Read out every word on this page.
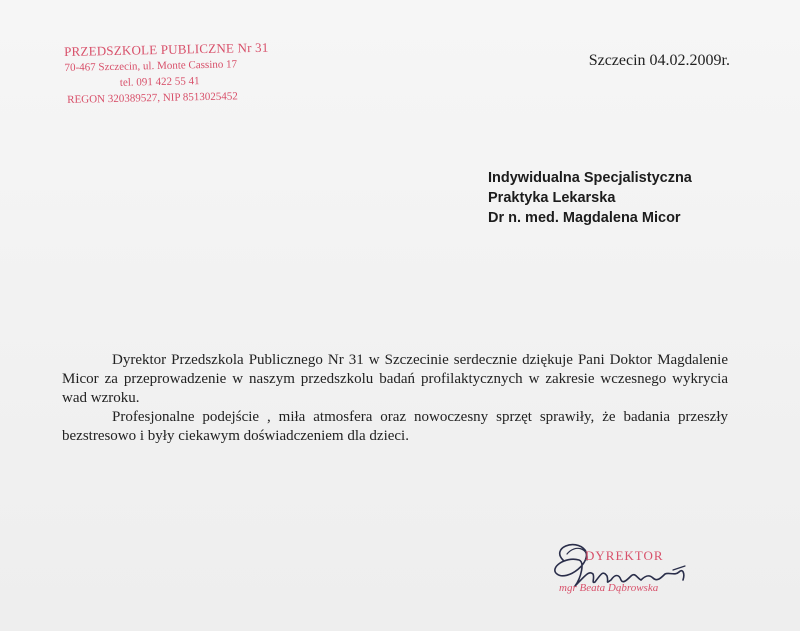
PRZEDSZKOLE PUBLICZNE Nr 31
70-467 Szczecin, ul. Monte Cassino 17
tel. 091 422 55 41
REGON 320389527, NIP 8513025452
Szczecin 04.02.2009r.
Indywidualna Specjalistyczna
Praktyka Lekarska
Dr n. med. Magdalena Micor

Dyrektor Przedszkola Publicznego Nr 31 w Szczecinie serdecznie dziękuje Pani Doktor Magdalenie Micor za przeprowadzenie w naszym przedszkolu badań profilaktycznych w zakresie wczesnego wykrycia wad wzroku.

Profesjonalne podejście , miła atmosfera oraz nowoczesny sprzęt sprawiły, że badania przeszły bezstresowo i były ciekawym doświadczeniem dla dzieci.

DYREKTOR
mgr Beata Dąbrowska
